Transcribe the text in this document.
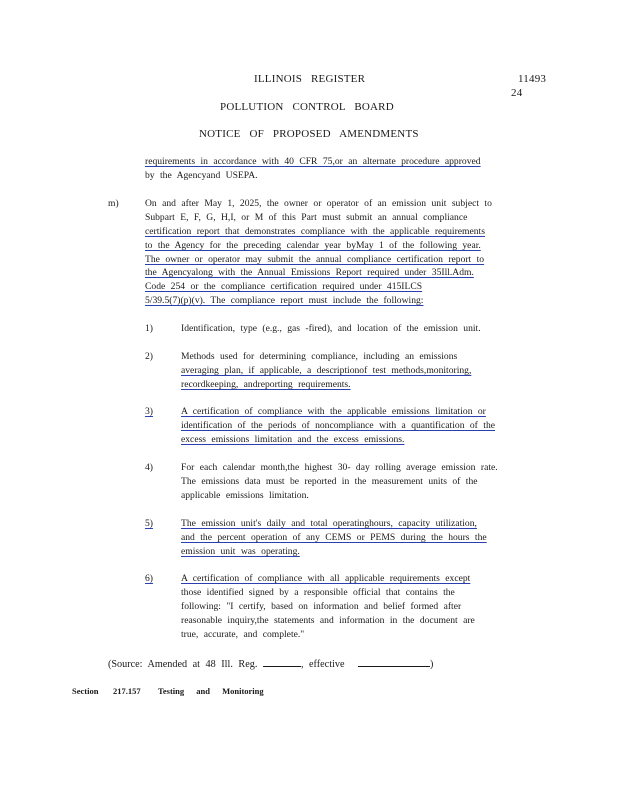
ILLINOIS REGISTER	11493
24
POLLUTION CONTROL BOARD
NOTICE OF PROPOSED AMENDMENTS
requirements in accordance with 40 CFR 75,or an alternate procedure approved
by the Agencyand USEPA.
m)	On and after May 1, 2025, the owner or operator of an emission unit subject to
Subpart E, F, G, H,I, or M of this Part must submit an annual compliance
certification report that demonstrates compliance with the applicable requirements
to the Agency for the preceding calendar year byMay 1 of the following year.
The owner or operator may submit the annual compliance certification report to
the Agencyalong with the Annual Emissions Report required under 35Ill.Adm.
Code 254 or the compliance certification required under 415ILCS
5/39.5(7)(p)(v). The compliance report must include the following:
1)	Identification, type (e.g., gas -fired), and location of the emission unit.
2)	Methods used for determining compliance, including an emissions
averaging plan, if applicable, a descriptionof test methods,monitoring,
recordkeeping, andreporting requirements.
3)	A certification of compliance with the applicable emissions limitation or
identification of the periods of noncompliance with a quantification of the
excess emissions limitation and the excess emissions.
4)	For each calendar month,the highest 30- day rolling average emission rate.
The emissions data must be reported in the measurement units of the
applicable emissions limitation.
5)	The emission unit's daily and total operatinghours, capacity utilization,
and the percent operation of any CEMS or PEMS during the hours the
emission unit was operating.
6)	A certification of compliance with all applicable requirements except
those identified signed by a responsible official that contains the
following: "I certify, based on information and belief formed after
reasonable inquiry,the statements and information in the document are
true, accurate, and complete."
(Source: Amended at 48 Ill. Reg.	, effective	)
Section 217.157 Testing and Monitoring
